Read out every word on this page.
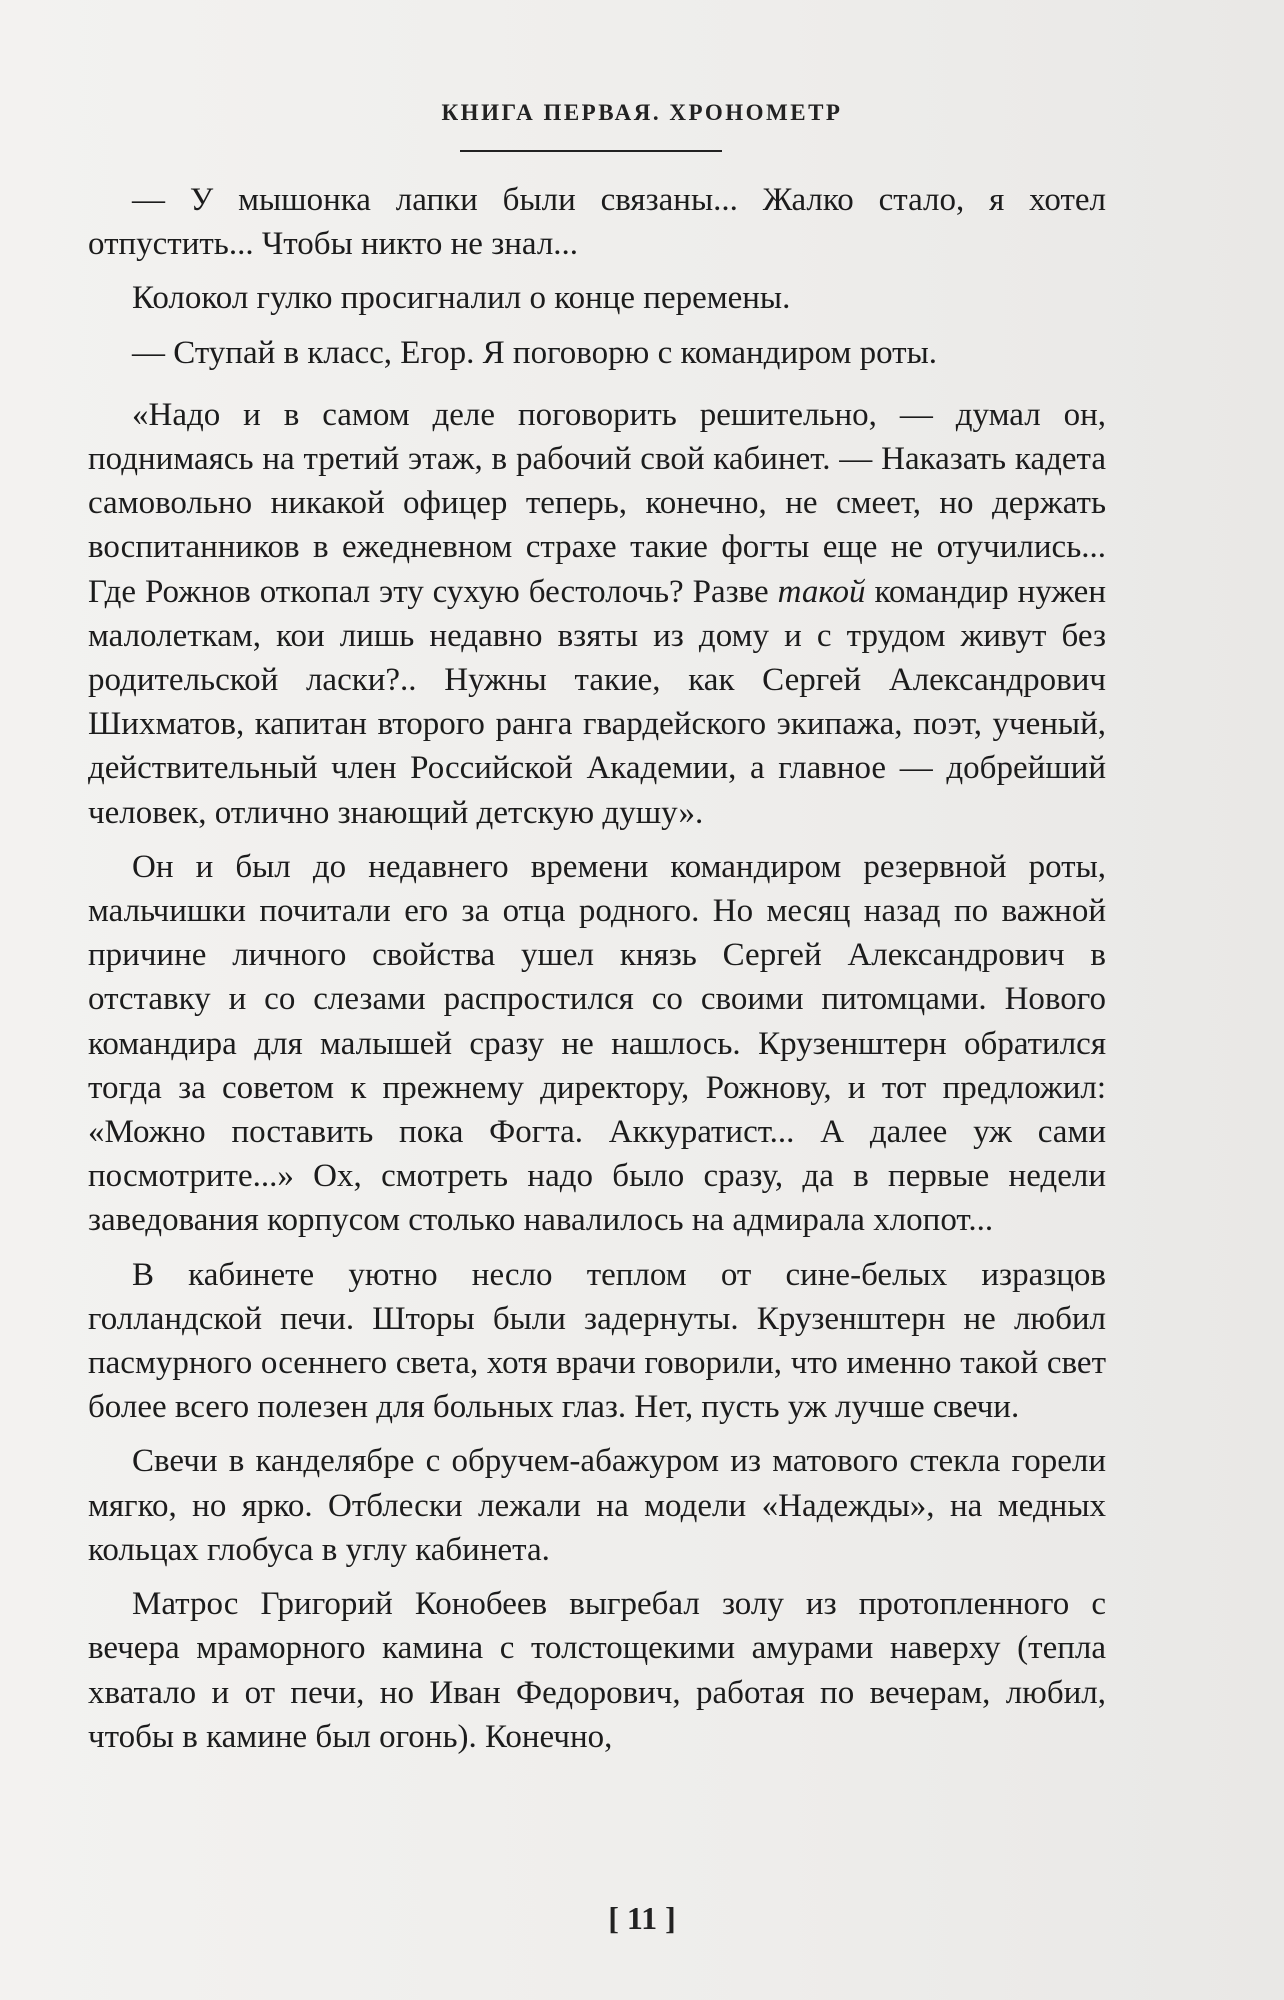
КНИГА ПЕРВАЯ. ХРОНОМЕТР

— У мышонка лапки были связаны... Жалко стало, я хотел отпустить... Чтобы никто не знал...

Колокол гулко просигналил о конце перемены.

— Ступай в класс, Егор. Я поговорю с командиром роты.

«Надо и в самом деле поговорить решительно, — думал он, поднимаясь на третий этаж, в рабочий свой кабинет. — Наказать кадета самовольно никакой офицер теперь, конечно, не смеет, но держать воспитанников в ежедневном страхе такие фогты еще не отучились... Где Рожнов откопал эту сухую бестолочь? Разве такой командир нужен малолеткам, кои лишь недавно взяты из дому и с трудом живут без родительской ласки?.. Нужны такие, как Сергей Александрович Шихматов, капитан второго ранга гвардейского экипажа, поэт, ученый, действительный член Российской Академии, а главное — добрейший человек, отлично знающий детскую душу».

Он и был до недавнего времени командиром резервной роты, мальчишки почитали его за отца родного. Но месяц назад по важной причине личного свойства ушел князь Сергей Александрович в отставку и со слезами распростился со своими питомцами. Нового командира для малышей сразу не нашлось. Крузенштерн обратился тогда за советом к прежнему директору, Рожнову, и тот предложил: «Можно поставить пока Фогта. Аккуратист... А далее уж сами посмотрите...» Ох, смотреть надо было сразу, да в первые недели заведования корпусом столько навалилось на адмирала хлопот...

В кабинете уютно несло теплом от сине-белых изразцов голландской печи. Шторы были задернуты. Крузенштерн не любил пасмурного осеннего света, хотя врачи говорили, что именно такой свет более всего полезен для больных глаз. Нет, пусть уж лучше свечи.

Свечи в канделябре с обручем-абажуром из матового стекла горели мягко, но ярко. Отблески лежали на модели «Надежды», на медных кольцах глобуса в углу кабинета.

Матрос Григорий Конобеев выгребал золу из протопленного с вечера мраморного камина с толстощекими амурами наверху (тепла хватало и от печи, но Иван Федорович, работая по вечерам, любил, чтобы в камине был огонь). Конечно,

[ 11 ]
